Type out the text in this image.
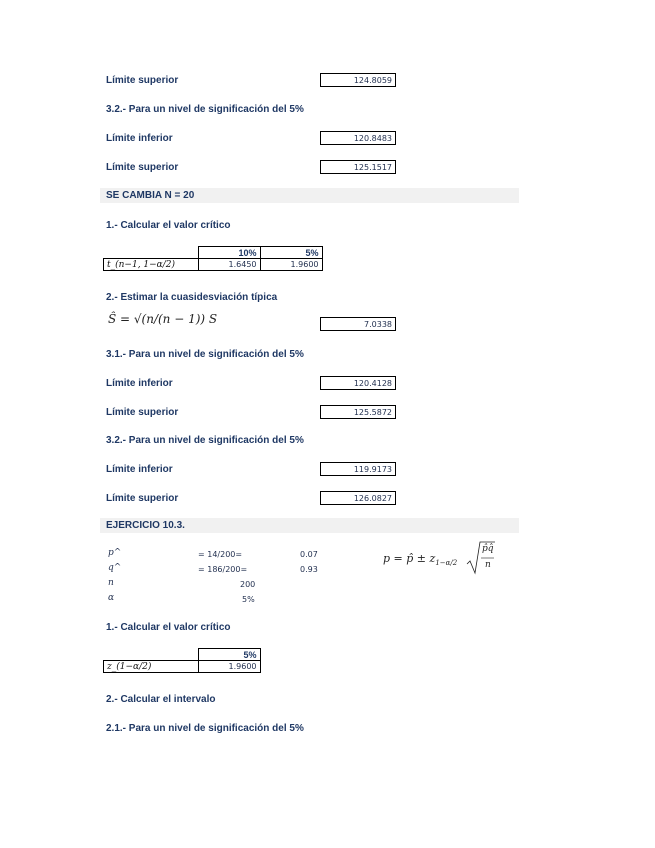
Límite superior	124.8059
3.2.- Para un nivel de significación del 5%
Límite inferior	120.8483
Límite superior	125.1517
SE CAMBIA N = 20
1.- Calcular el valor crítico
	10%	5%
t_(n−1, 1−α/2)	1.6450	1.9600
2.- Estimar la cuasidesviación típica
Ŝ = √(n/(n − 1)) S	7.0338
3.1.- Para un nivel de significación del 5%
Límite inferior	120.4128
Límite superior	125.5872
3.2.- Para un nivel de significación del 5%
Límite inferior	119.9173
Límite superior	126.0827
EJERCICIO 10.3.
p^	= 14/200=	0.07
q^	= 186/200=	0.93
n	200
α	5%
p = p̂ ± $z_{1-\alpha/2}$
p̂q̂
n
1.- Calcular el valor crítico
	5%
z_(1−α/2)	1.9600
2.- Calcular el intervalo
2.1.- Para un nivel de significación del 5%
